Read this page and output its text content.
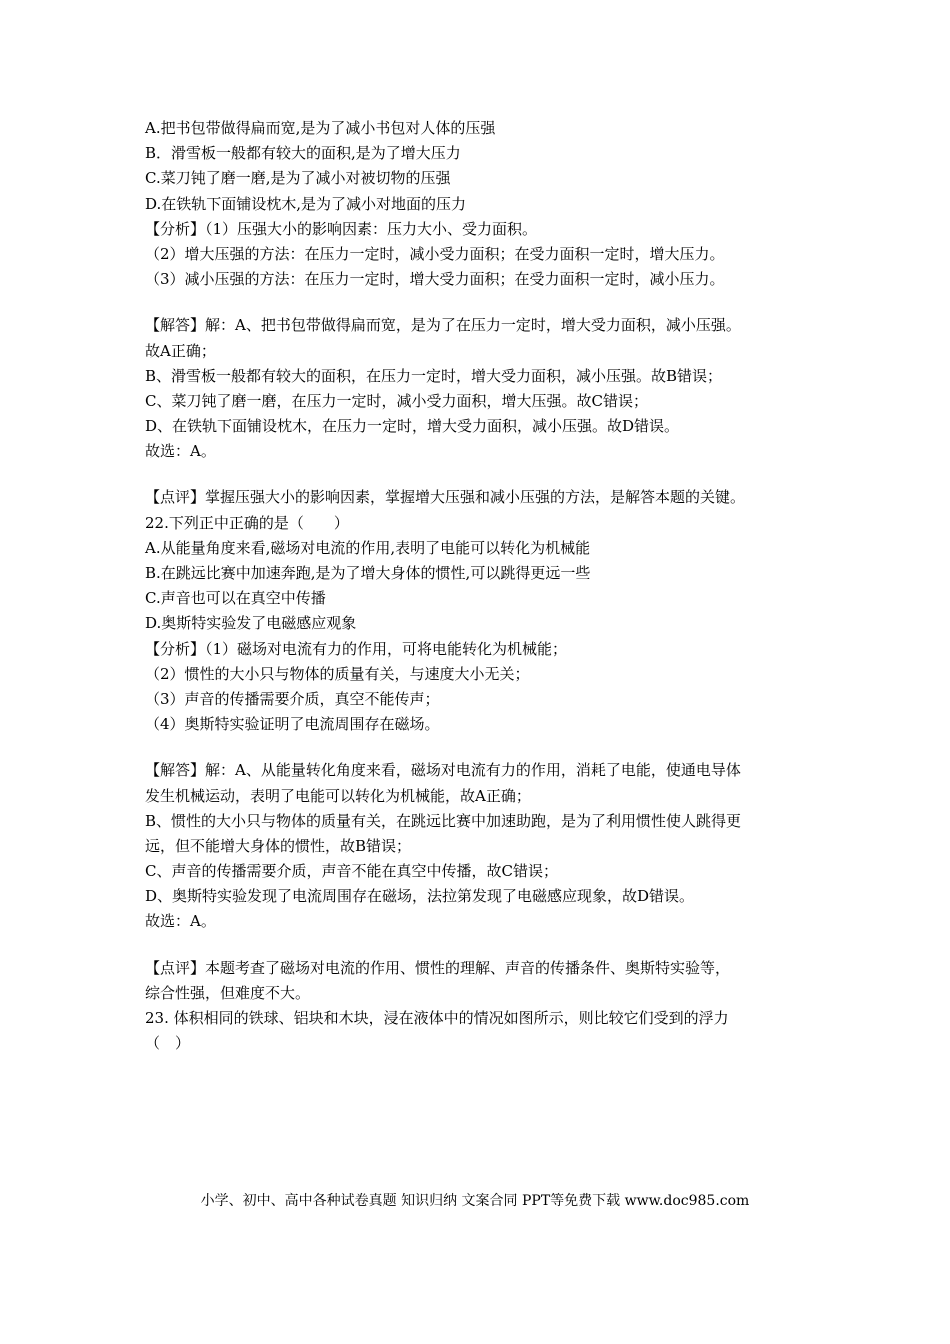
A.把书包带做得扁而宽,是为了减小书包对人体的压强
B．滑雪板一般都有较大的面积,是为了增大压力
C.菜刀钝了磨一磨,是为了减小对被切物的压强
D.在铁轨下面铺设枕木,是为了减小对地面的压力
【分析】（1）压强大小的影响因素：压力大小、受力面积。
（2）增大压强的方法：在压力一定时，减小受力面积；在受力面积一定时，增大压力。
（3）减小压强的方法：在压力一定时，增大受力面积；在受力面积一定时，减小压力。
【解答】解：A、把书包带做得扁而宽，是为了在压力一定时，增大受力面积，减小压强。
故A正确；
B、滑雪板一般都有较大的面积，在压力一定时，增大受力面积，减小压强。故B错误；
C、菜刀钝了磨一磨，在压力一定时，减小受力面积，增大压强。故C错误；
D、在铁轨下面铺设枕木，在压力一定时，增大受力面积，减小压强。故D错误。
故选：A。
【点评】掌握压强大小的影响因素，掌握增大压强和减小压强的方法，是解答本题的关键。
22.下列正中正确的是（　　）
A.从能量角度来看,磁场对电流的作用,表明了电能可以转化为机械能
B.在跳远比赛中加速奔跑,是为了增大身体的惯性,可以跳得更远一些
C.声音也可以在真空中传播
D.奥斯特实验发了电磁感应观象
【分析】（1）磁场对电流有力的作用，可将电能转化为机械能；
（2）惯性的大小只与物体的质量有关，与速度大小无关；
（3）声音的传播需要介质，真空不能传声；
（4）奥斯特实验证明了电流周围存在磁场。
【解答】解：A、从能量转化角度来看，磁场对电流有力的作用，消耗了电能，使通电导体
发生机械运动，表明了电能可以转化为机械能，故A正确；
B、惯性的大小只与物体的质量有关，在跳远比赛中加速助跑，是为了利用惯性使人跳得更
远，但不能增大身体的惯性，故B错误；
C、声音的传播需要介质，声音不能在真空中传播，故C错误；
D、奥斯特实验发现了电流周围存在磁场，法拉第发现了电磁感应现象，故D错误。
故选：A。
【点评】本题考查了磁场对电流的作用、惯性的理解、声音的传播条件、奥斯特实验等，
综合性强，但难度不大。
23. 体积相同的铁球、铝块和木块，浸在液体中的情况如图所示，则比较它们受到的浮力
（　）
小学、初中、高中各种试卷真题 知识归纳 文案合同 PPT等免费下载 www.doc985.com
